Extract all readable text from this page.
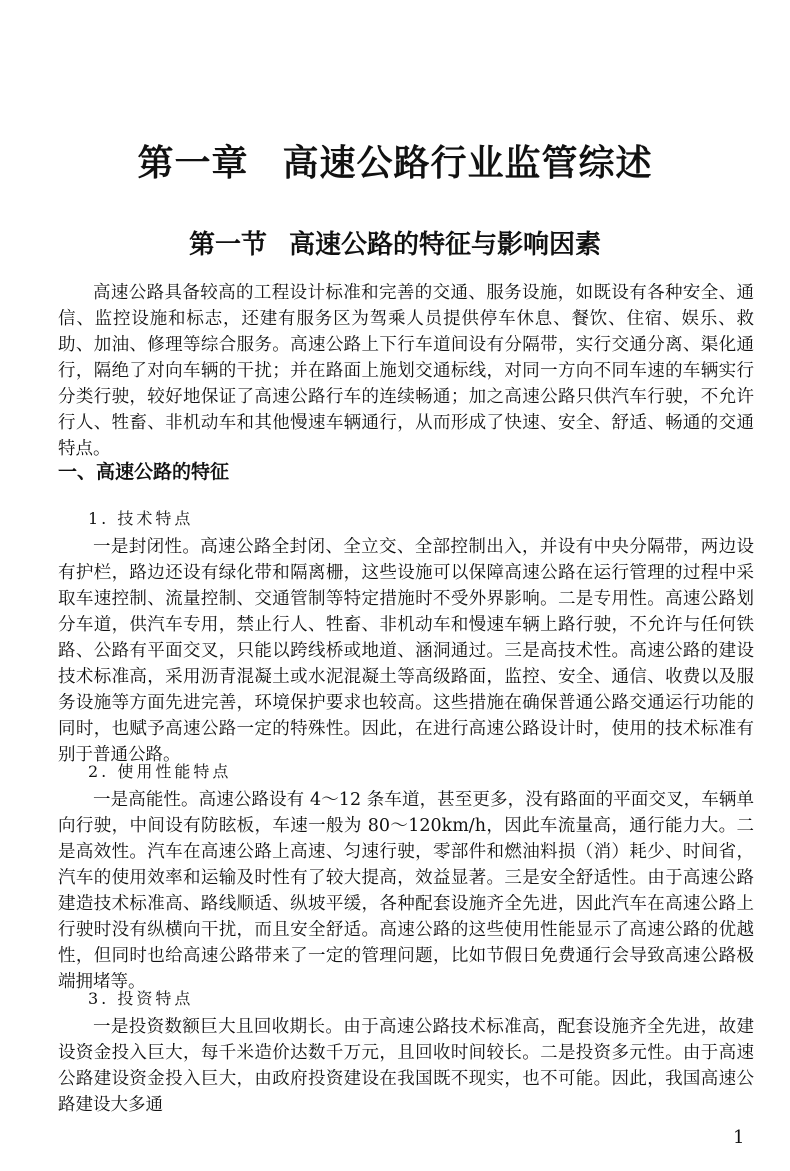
第一章 高速公路行业监管综述
第一节 高速公路的特征与影响因素

高速公路具备较高的工程设计标准和完善的交通、服务设施，如既设有各种安全、通信、监控设施和标志，还建有服务区为驾乘人员提供停车休息、餐饮、住宿、娱乐、救助、加油、修理等综合服务。高速公路上下行车道间设有分隔带，实行交通分离、渠化通行，隔绝了对向车辆的干扰；并在路面上施划交通标线，对同一方向不同车速的车辆实行分类行驶，较好地保证了高速公路行车的连续畅通；加之高速公路只供汽车行驶，不允许行人、牲畜、非机动车和其他慢速车辆通行，从而形成了快速、安全、舒适、畅通的交通特点。

一、高速公路的特征

1. 技术特点

一是封闭性。高速公路全封闭、全立交、全部控制出入，并设有中央分隔带，两边设有护栏，路边还设有绿化带和隔离栅，这些设施可以保障高速公路在运行管理的过程中采取车速控制、流量控制、交通管制等特定措施时不受外界影响。二是专用性。高速公路划分车道，供汽车专用，禁止行人、牲畜、非机动车和慢速车辆上路行驶，不允许与任何铁路、公路有平面交叉，只能以跨线桥或地道、涵洞通过。三是高技术性。高速公路的建设技术标准高，采用沥青混凝土或水泥混凝土等高级路面，监控、安全、通信、收费以及服务设施等方面先进完善，环境保护要求也较高。这些措施在确保普通公路交通运行功能的同时，也赋予高速公路一定的特殊性。因此，在进行高速公路设计时，使用的技术标准有别于普通公路。

2. 使用性能特点

一是高能性。高速公路设有 4～12 条车道，甚至更多，没有路面的平面交叉，车辆单向行驶，中间设有防眩板，车速一般为 80～120km/h，因此车流量高，通行能力大。二是高效性。汽车在高速公路上高速、匀速行驶，零部件和燃油料损（消）耗少、时间省，汽车的使用效率和运输及时性有了较大提高，效益显著。三是安全舒适性。由于高速公路建造技术标准高、路线顺适、纵坡平缓，各种配套设施齐全先进，因此汽车在高速公路上行驶时没有纵横向干扰，而且安全舒适。高速公路的这些使用性能显示了高速公路的优越性，但同时也给高速公路带来了一定的管理问题，比如节假日免费通行会导致高速公路极端拥堵等。

3. 投资特点

一是投资数额巨大且回收期长。由于高速公路技术标准高，配套设施齐全先进，故建设资金投入巨大，每千米造价达数千万元，且回收时间较长。二是投资多元性。由于高速公路建设资金投入巨大，由政府投资建设在我国既不现实，也不可能。因此，我国高速公路建设大多通

1
